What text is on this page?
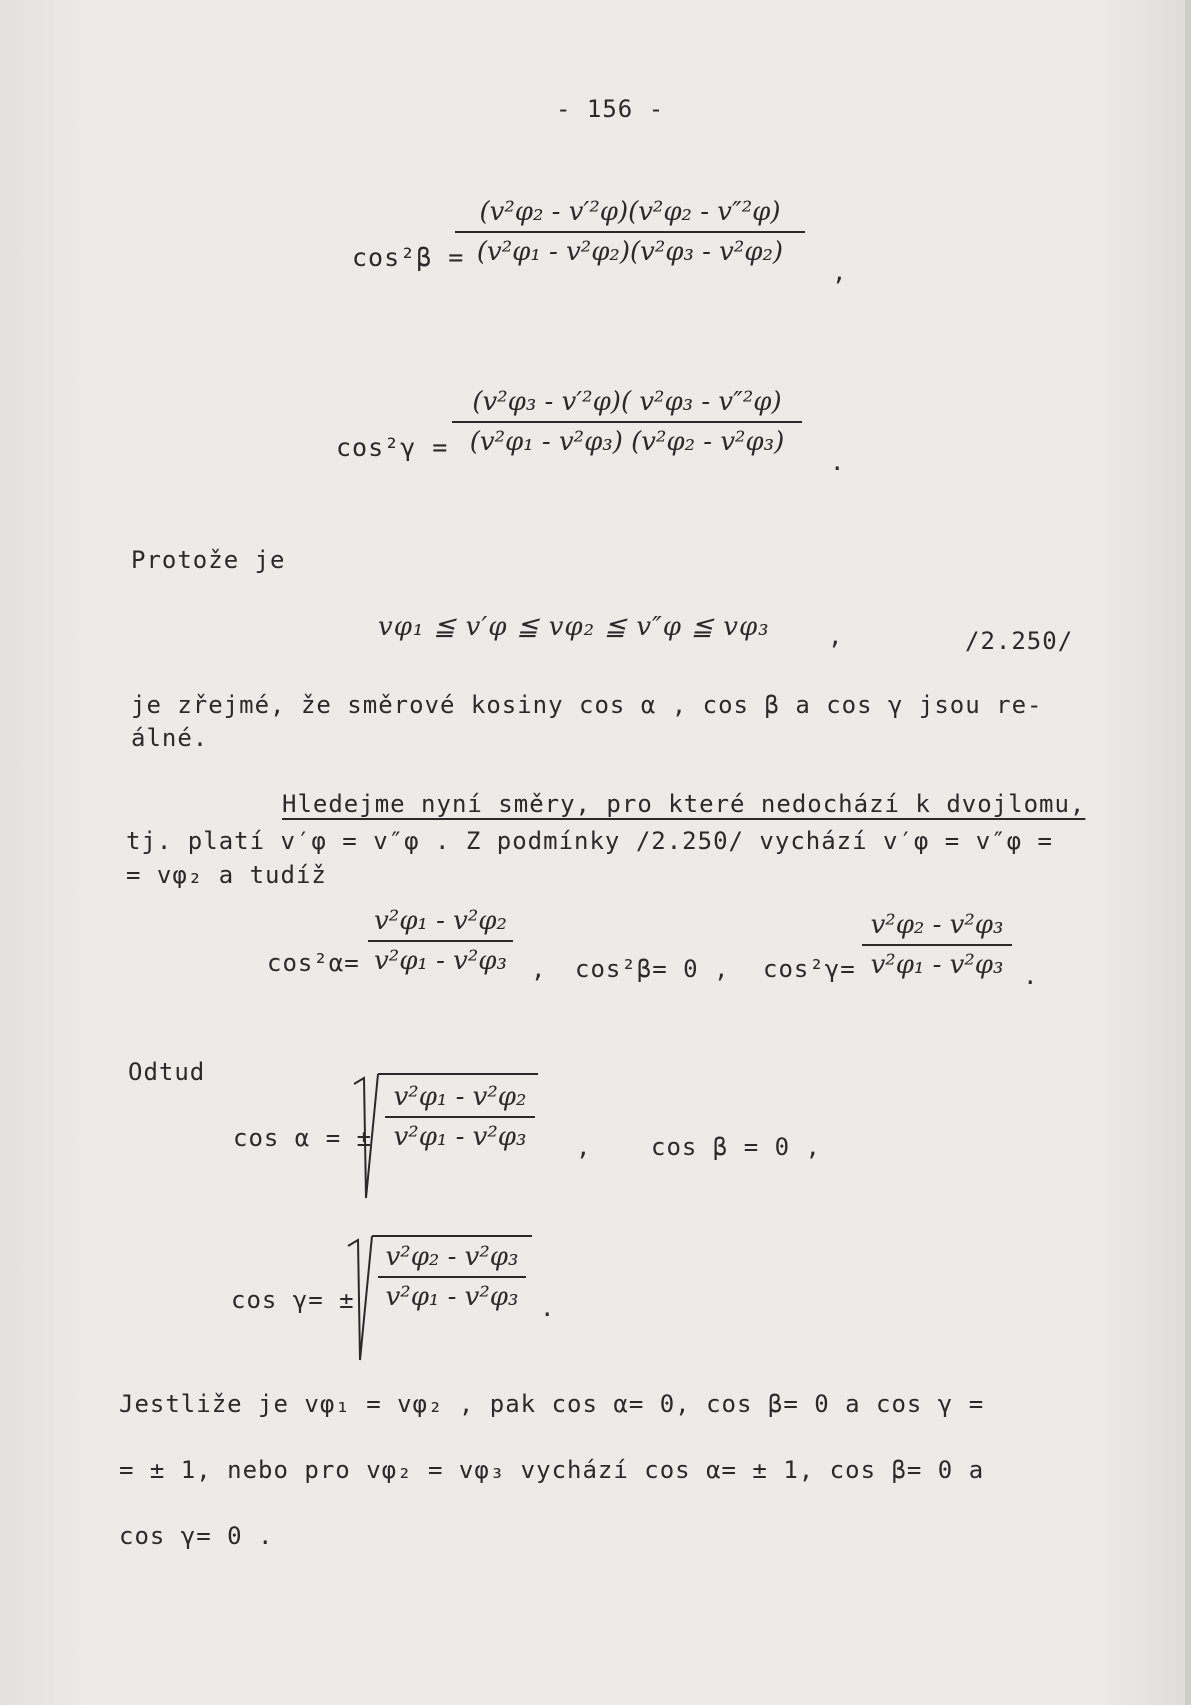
- 156 -
cos²β =
(v²φ₂ - v′²φ)(v²φ₂ - v″²φ)
(v²φ₁ - v²φ₂)(v²φ₃ - v²φ₂)
,
cos²γ =
(v²φ₃ - v′²φ)( v²φ₃ - v″²φ)
(v²φ₁ - v²φ₃) (v²φ₂ - v²φ₃)
.
Protože je
vφ₁ ≦ v′φ ≦ vφ₂ ≦ v″φ ≦ vφ₃ ,	/2.250/
je zřejmé, že směrové kosiny cos α , cos β a cos γ jsou re-
álné.
Hledejme nyní směry, pro které nedochází k dvojlomu,
tj. platí v′φ = v″φ . Z podmínky /2.250/ vychází v′φ = v″φ =
= vφ₂ a tudíž
cos²α=
v²φ₁ - v²φ₂
v²φ₁ - v²φ₃ , cos²β= 0 , cos²γ=
v²φ₂ - v²φ₃
v²φ₁ - v²φ₃ .
Odtud
cos α = ±
v²φ₁ - v²φ₂
v²φ₁ - v²φ₃ , cos β = 0 ,
cos γ= ±
v²φ₂ - v²φ₃
v²φ₁ - v²φ₃ .
Jestliže je vφ₁ = vφ₂ , pak cos α= 0, cos β= 0 a cos γ =
= ± 1, nebo pro vφ₂ = vφ₃ vychází cos α= ± 1, cos β= 0 a
cos γ= 0 .
